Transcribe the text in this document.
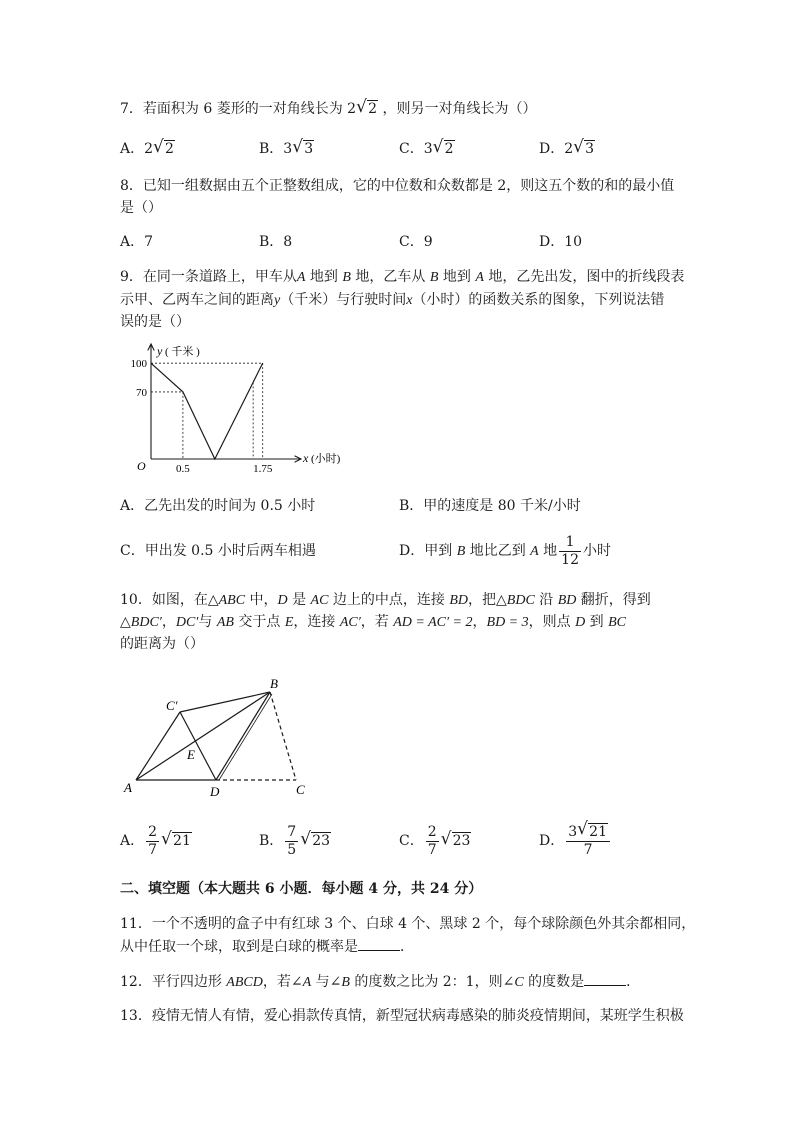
7．若面积为 6 菱形的一对角线长为 2 √ 2 ，则另一对角线长为（）
A．2 √ 2	B．3 √ 3	C．3 √ 2	D．2 √ 3
8．已知一组数据由五个正整数组成，它的中位数和众数都是 2，则这五个数的和的最小值
是（）
A．7	B．8	C．9	D．10
9．在同一条道路上，甲车从A 地到 B 地，乙车从 B 地到 A 地，乙先出发，图中的折线段表
示甲、乙两车之间的距离y（千米）与行驶时间x（小时）的函数关系的图象，下列说法错
误的是（）
y ( 千米 )
x (小时)
O	0.5	1.75
100
70
A．乙先出发的时间为 0.5 小时	B．甲的速度是 80 千米/小时
C．甲出发 0.5 小时后两车相遇	D．甲到 B 地比乙到 A 地 $\frac{1}{12}$ 小时
10．如图，在△ABC 中，D 是 AC 边上的中点，连接 BD，把△BDC 沿 BD 翻折，得到
△BDC′，DC′与 AB 交于点 E，连接 AC′，若 AD = AC′ = 2，BD = 3，则点 D 到 BC
的距离为（）
A	D	C
B
C′
E
A． $\frac{2}{7}$ √ 21	B． $\frac{7}{5}$ √ 23	C． $\frac{2}{7}$ √ 23	D． $\frac{3 √ 21}{7}$
二、填空题（本大题共 6 小题．每小题 4 分，共 24 分）
11．一个不透明的盒子中有红球 3 个、白球 4 个、黑球 2 个，每个球除颜色外其余都相同，
从中任取一个球，取到是白球的概率是	．
12．平行四边形 ABCD，若∠A 与∠B 的度数之比为 2：1，则∠C 的度数是	．
13．疫情无情人有情，爱心捐款传真情，新型冠状病毒感染的肺炎疫情期间，某班学生积极
